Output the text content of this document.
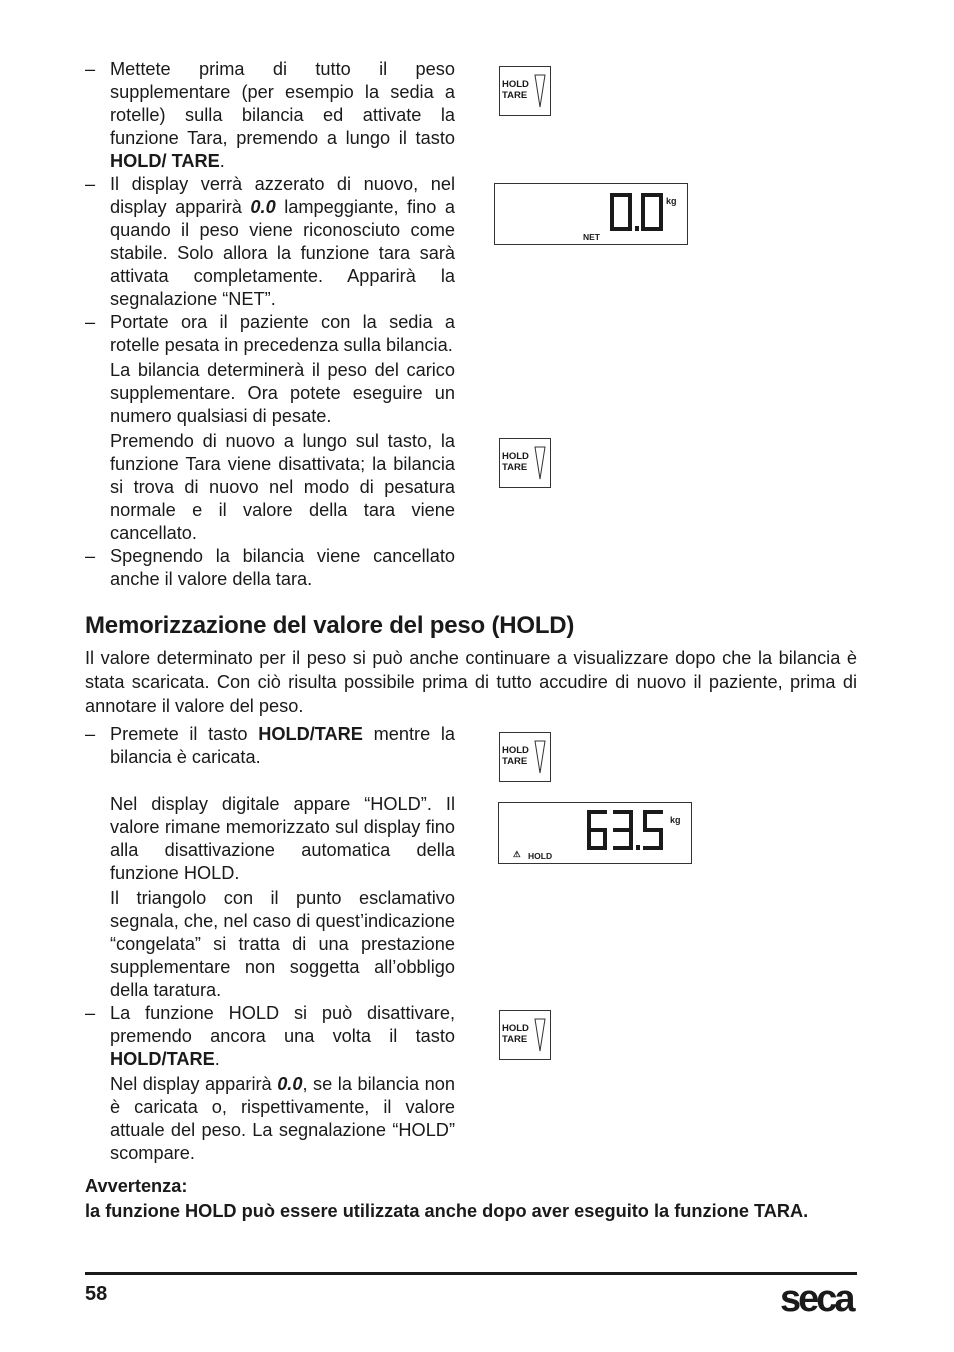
– Mettete prima di tutto il peso supplementare (per esempio la sedia a rotelle) sulla bilancia ed attivate la funzione Tara, premendo a lungo il tasto HOLD/ TARE.
– Il display verrà azzerato di nuovo, nel display apparirà 0.0 lampeggiante, fino a quando il peso viene riconosciuto come stabile. Solo allora la funzione tara sarà attivata completamente. Apparirà la segnalazione “NET”.
– Portate ora il paziente con la sedia a rotelle pesata in precedenza sulla bilancia.
La bilancia determinerà il peso del carico supplementare. Ora potete eseguire un numero qualsiasi di pesate.
Premendo di nuovo a lungo sul tasto, la funzione Tara viene disattivata; la bilancia si trova di nuovo nel modo di pesatura normale e il valore della tara viene cancellato.
– Spegnendo la bilancia viene cancellato anche il valore della tara.
HOLD
TARE
kg
NET
HOLD
TARE
Memorizzazione del valore del peso (HOLD)
Il valore determinato per il peso si può anche continuare a visualizzare dopo che la bilancia è stata scaricata. Con ciò risulta possibile prima di tutto accudire di nuovo il paziente, prima di annotare il valore del peso.
– Premete il tasto HOLD/TARE mentre la bilancia è caricata.
Nel display digitale appare “HOLD”. Il valore rimane memorizzato sul display fino alla disattivazione automatica della funzione HOLD.
Il triangolo con il punto esclamativo segnala, che, nel caso di quest’indicazione “congelata” si tratta di una prestazione supplementare non soggetta all’obbligo della taratura.
– La funzione HOLD si può disattivare, premendo ancora una volta il tasto HOLD/TARE.
Nel display apparirà 0.0, se la bilancia non è caricata o, rispettivamente, il valore attuale del peso. La segnalazione “HOLD” scompare.
HOLD
TARE
kg
⚠ HOLD
HOLD
TARE
Avvertenza:
la funzione HOLD può essere utilizzata anche dopo aver eseguito la funzione TARA.
58	seca
